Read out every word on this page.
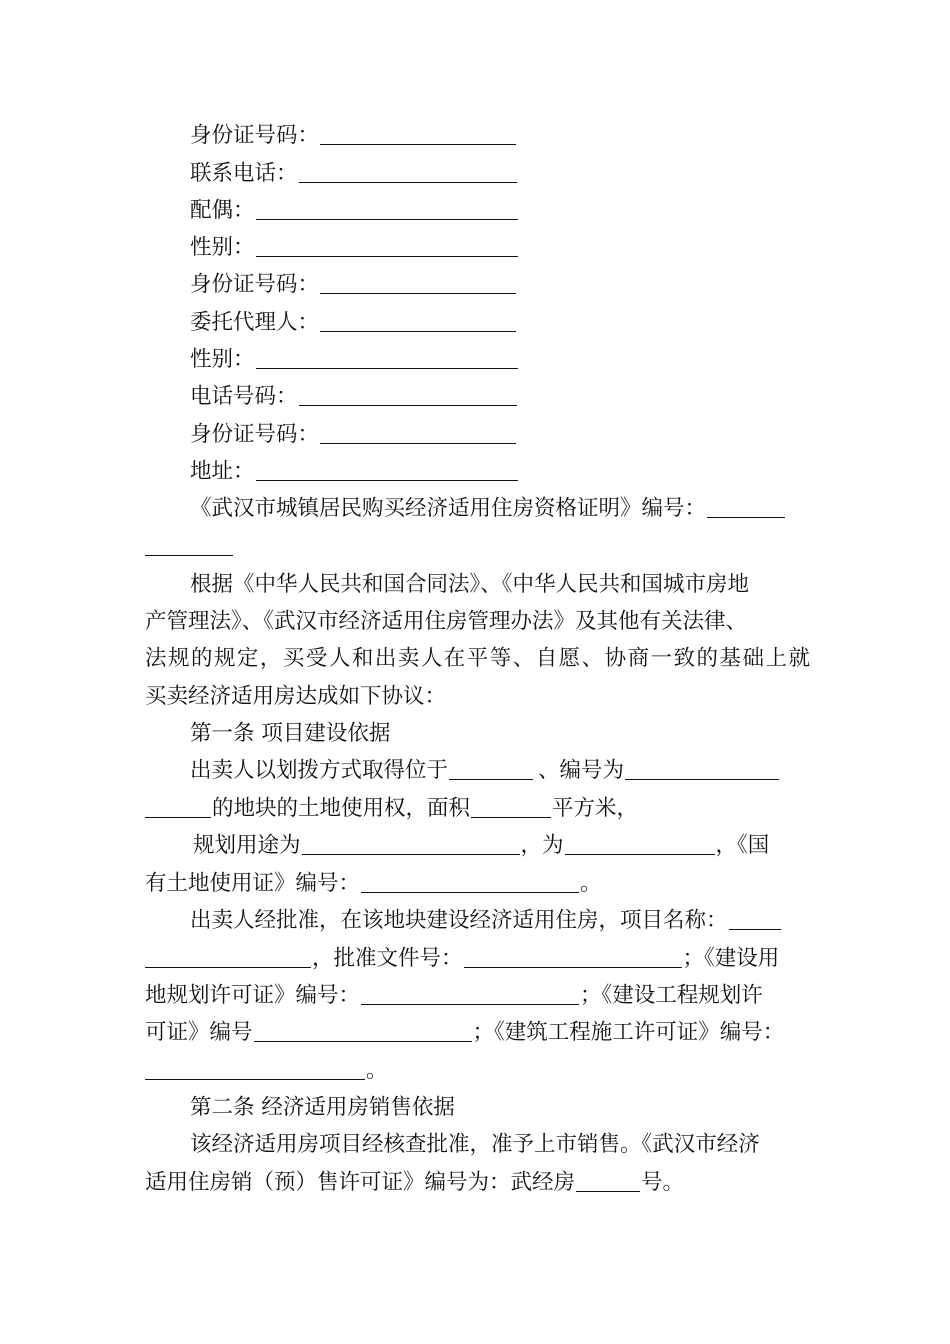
身份证号码：
联系电话：
配偶：
性别：
身份证号码：
委托代理人：
性别：
电话号码：
身份证号码：
地址：
《武汉市城镇居民购买经济适用住房资格证明》编号：
根据《中华人民共和国合同法》、《中华人民共和国城市房地
产管理法》、《武汉市经济适用住房管理办法》及其他有关法律、
法规的规定，买受人和出卖人在平等、自愿、协商一致的基础上就
买卖经济适用房达成如下协议：
第一条 项目建设依据
出卖人以划拨方式取得位于	、编号为
的地块的土地使用权，面积	平方米，
规划用途为	，为	，《国
有土地使用证》编号：	。
出卖人经批准，在该地块建设经济适用住房，项目名称：
，批准文件号：	；《建设用
地规划许可证》编号：	；《建设工程规划许
可证》编号	；《建筑工程施工许可证》编号：
。
第二条 经济适用房销售依据
该经济适用房项目经核查批准，准予上市销售。《武汉市经济
适用住房销（预）售许可证》编号为：武经房	号。
